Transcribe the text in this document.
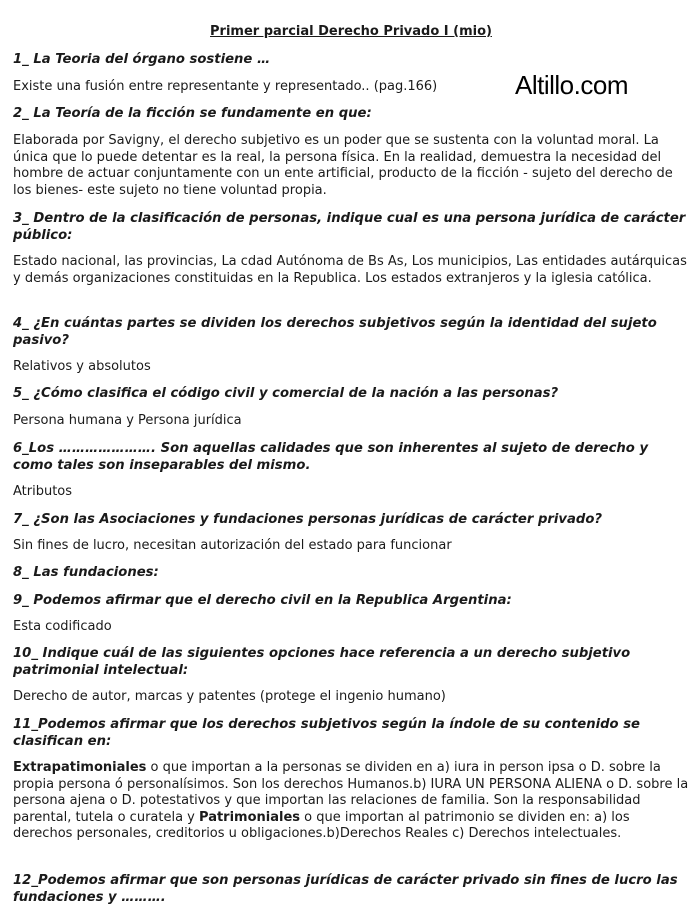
Primer parcial Derecho Privado I (mio)
Altillo.com
1_ La Teoria del órgano sostiene …
Existe una fusión entre representante y representado.. (pag.166)
2_ La Teoría de la ficción se fundamente en que:
Elaborada por Savigny, el derecho subjetivo es un poder que se sustenta con la voluntad moral. La única que lo puede detentar es la real, la persona física. En la realidad, demuestra la necesidad del hombre de actuar conjuntamente con un ente artificial, producto de la ficción - sujeto del derecho de los bienes- este sujeto no tiene voluntad propia.
3_ Dentro de la clasificación de personas, indique cual es una persona jurídica de carácter público:
Estado nacional, las provincias, La cdad Autónoma de Bs As, Los municipios, Las entidades autárquicas y demás organizaciones constituidas en la Republica. Los estados extranjeros y la iglesia católica.
4_ ¿En cuántas partes se dividen los derechos subjetivos según la identidad del sujeto pasivo?
Relativos y absolutos
5_ ¿Cómo clasifica el código civil y comercial de la nación a las personas?
Persona humana y Persona jurídica
6_Los …………………. Son aquellas calidades que son inherentes al sujeto de derecho y como tales son inseparables del mismo.
Atributos
7_ ¿Son las Asociaciones y fundaciones personas jurídicas de carácter privado?
Sin fines de lucro, necesitan autorización del estado para funcionar
8_ Las fundaciones:
9_ Podemos afirmar que el derecho civil en la Republica Argentina:
Esta codificado
10_ Indique cuál de las siguientes opciones hace referencia a un derecho subjetivo patrimonial intelectual:
Derecho de autor, marcas y patentes (protege el ingenio humano)
11_Podemos afirmar que los derechos subjetivos según la índole de su contenido se clasifican en:
Extrapatimoniales o que importan a la personas se dividen en a) iura in person ipsa o D. sobre la propia persona ó personalísimos. Son los derechos Humanos.b) IURA UN PERSONA ALIENA o D. sobre la persona ajena o D. potestativos y que importan las relaciones de familia. Son la responsabilidad parental, tutela o curatela y Patrimoniales o que importan al patrimonio se dividen en: a) los derechos personales, creditorios u obligaciones.b)Derechos Reales c) Derechos intelectuales.
12_Podemos afirmar que son personas jurídicas de carácter privado sin fines de lucro las fundaciones y ……….
